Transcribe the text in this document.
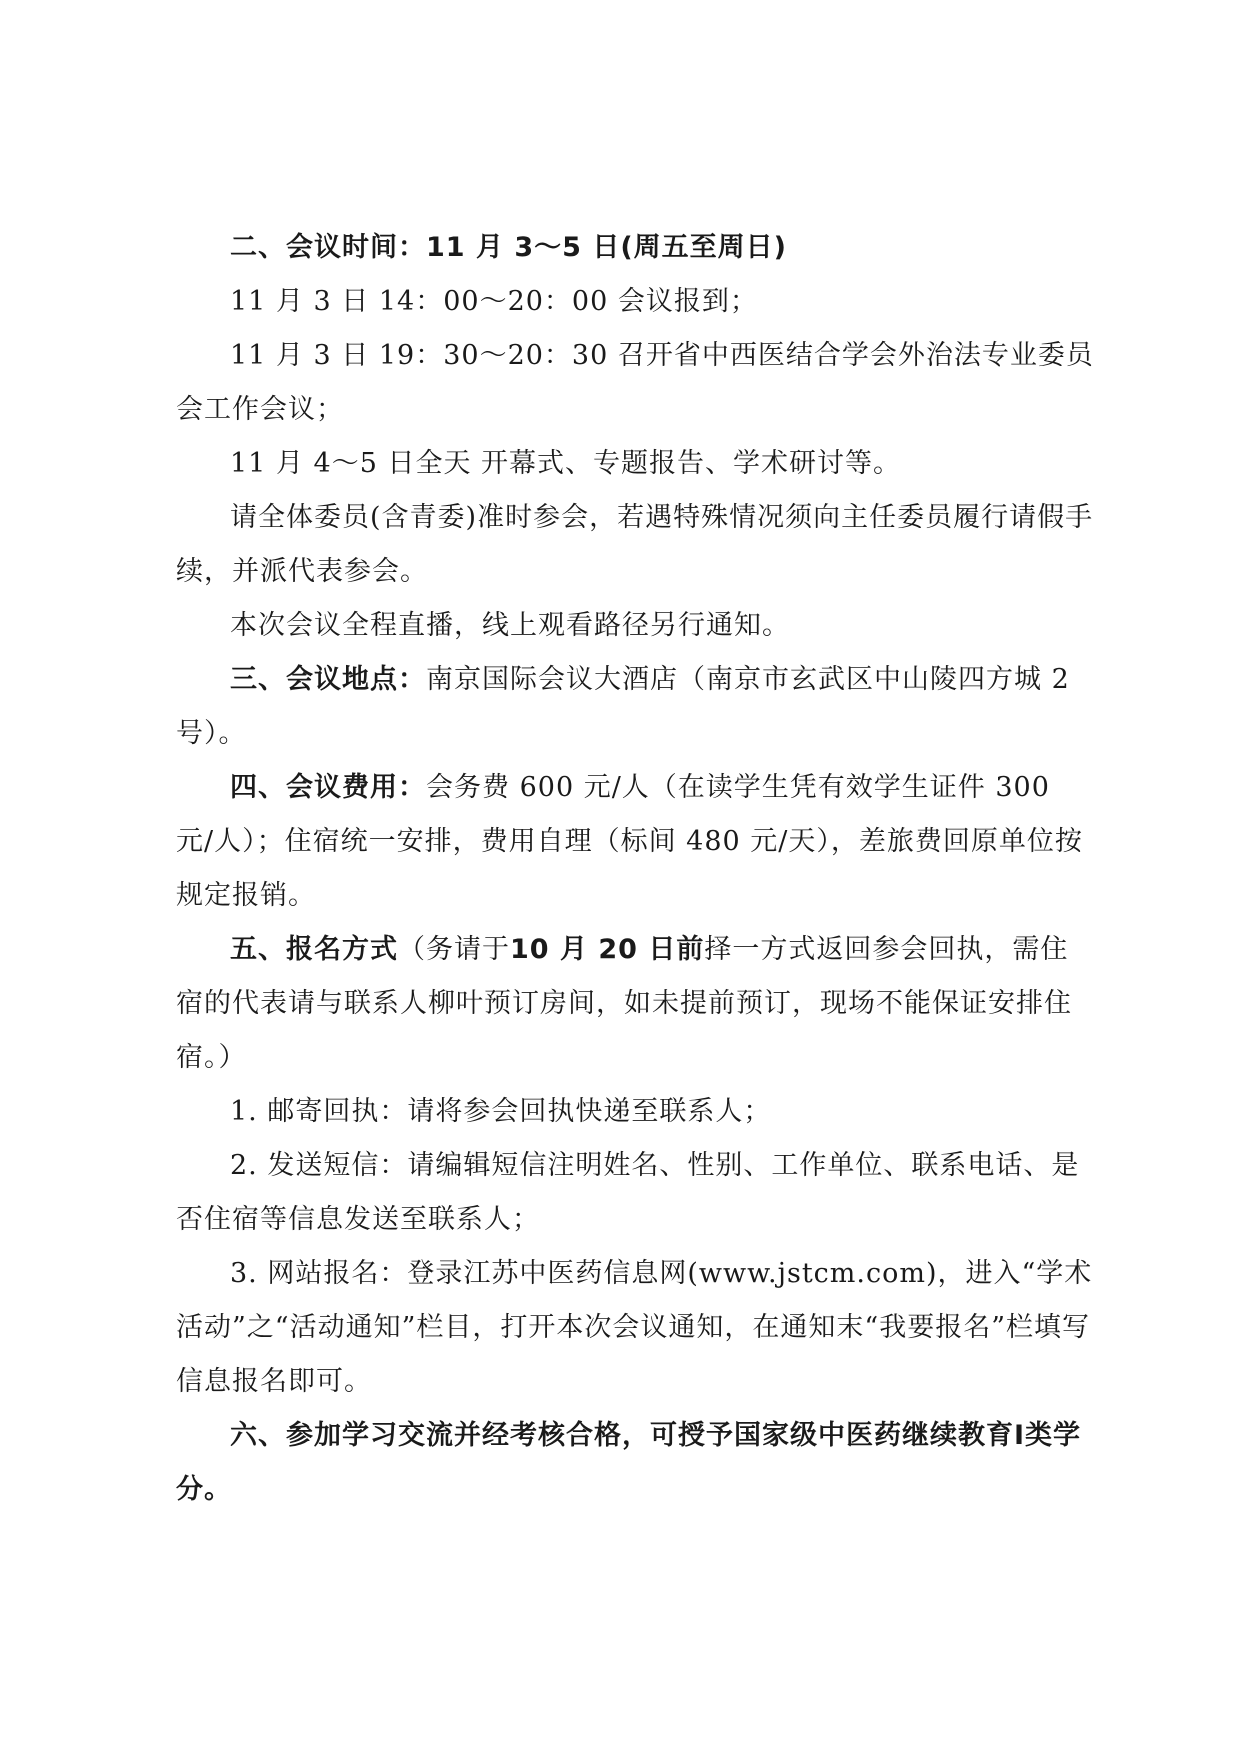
二、会议时间：11 月 3～5 日(周五至周日)

11 月 3 日 14：00～20：00 会议报到；

11 月 3 日 19：30～20：30 召开省中西医结合学会外治法专业委员会工作会议；

11 月 4～5 日全天 开幕式、专题报告、学术研讨等。

请全体委员(含青委)准时参会，若遇特殊情况须向主任委员履行请假手续，并派代表参会。

本次会议全程直播，线上观看路径另行通知。

三、会议地点：南京国际会议大酒店（南京市玄武区中山陵四方城 2 号）。

四、会议费用：会务费 600 元/人（在读学生凭有效学生证件 300 元/人）；住宿统一安排，费用自理（标间 480 元/天），差旅费回原单位按规定报销。

五、报名方式（务请于10 月 20 日前择一方式返回参会回执，需住宿的代表请与联系人柳叶预订房间，如未提前预订，现场不能保证安排住宿。）

1. 邮寄回执：请将参会回执快递至联系人；

2. 发送短信：请编辑短信注明姓名、性别、工作单位、联系电话、是否住宿等信息发送至联系人；

3. 网站报名：登录江苏中医药信息网(www.jstcm.com)，进入“学术活动”之“活动通知”栏目，打开本次会议通知，在通知末“我要报名”栏填写信息报名即可。

六、参加学习交流并经考核合格，可授予国家级中医药继续教育I类学分。
